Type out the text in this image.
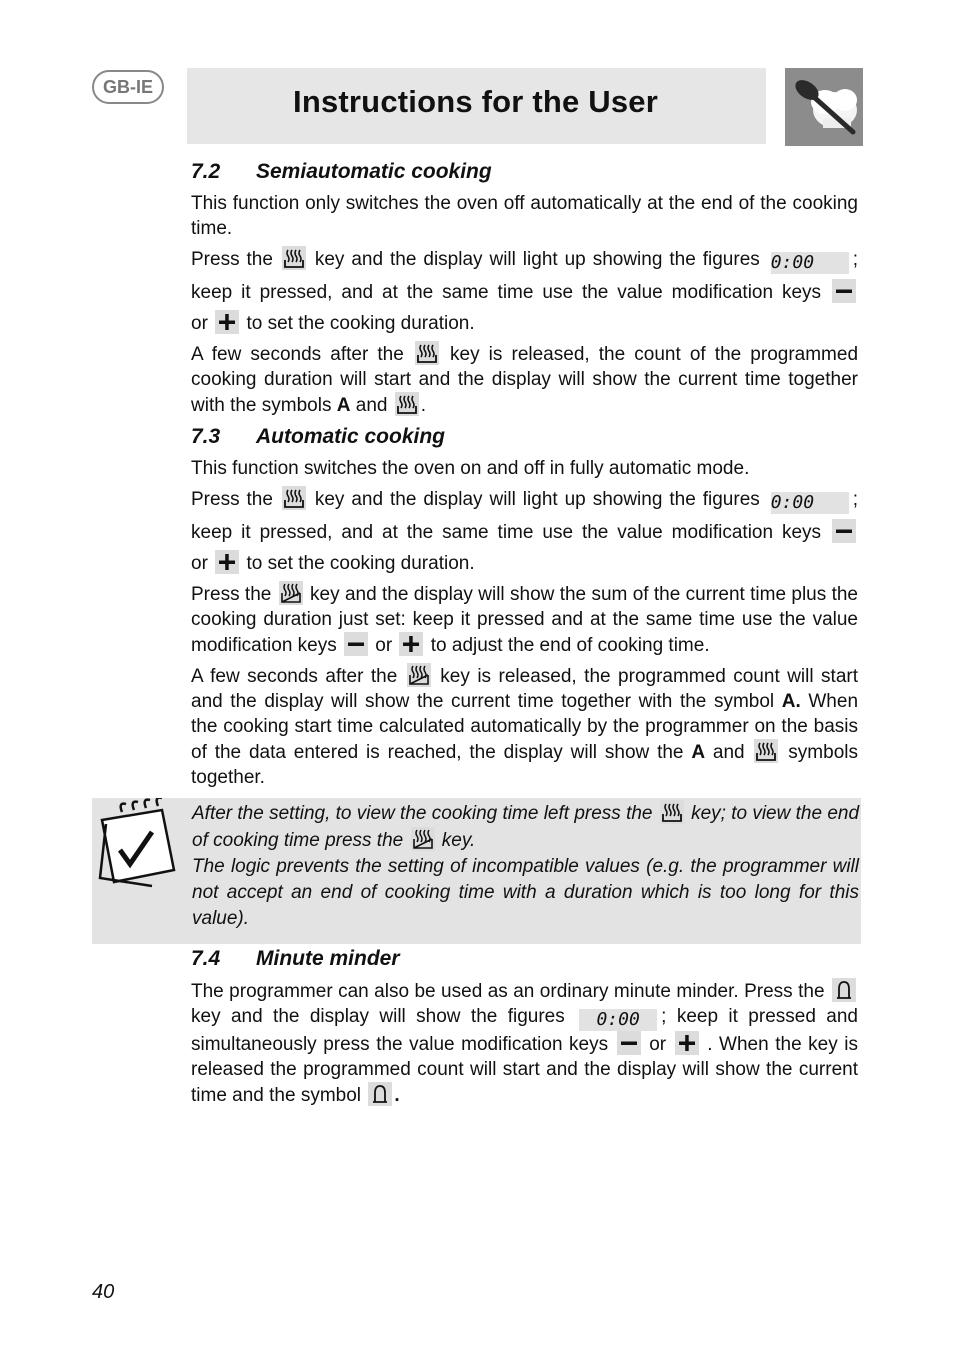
GB-IE	Instructions for the User
7.2 Semiautomatic cooking

This function only switches the oven off automatically at the end of the cooking time.

Press the key and the display will light up showing the figures 0:00 ;

keep it pressed, and at the same time use the value modification keys

or to set the cooking duration.

A few seconds after the key is released, the count of the programmed cooking duration will start and the display will show the current time together with the symbols A and .

7.3 Automatic cooking

This function switches the oven on and off in fully automatic mode.

Press the key and the display will light up showing the figures 0:00 ;

keep it pressed, and at the same time use the value modification keys

or to set the cooking duration.

Press the key and the display will show the sum of the current time plus the cooking duration just set: keep it pressed and at the same time use the value modification keys or to adjust the end of cooking time.

A few seconds after the key is released, the programmed count will start and the display will show the current time together with the symbol A. When the cooking start time calculated automatically by the programmer on the basis of the data entered is reached, the display will show the A and symbols together.

After the setting, to view the cooking time left press the key; to view the end of cooking time press the key.

The logic prevents the setting of incompatible values (e.g. the programmer will not accept an end of cooking time with a duration which is too long for this value).

7.4 Minute minder

The programmer can also be used as an ordinary minute minder. Press the
key and the display will show the figures 0:00 ; keep it pressed and simultaneously press the value modification keys or . When the key is released the programmed count will start and the display will show the current time and the symbol .

40
